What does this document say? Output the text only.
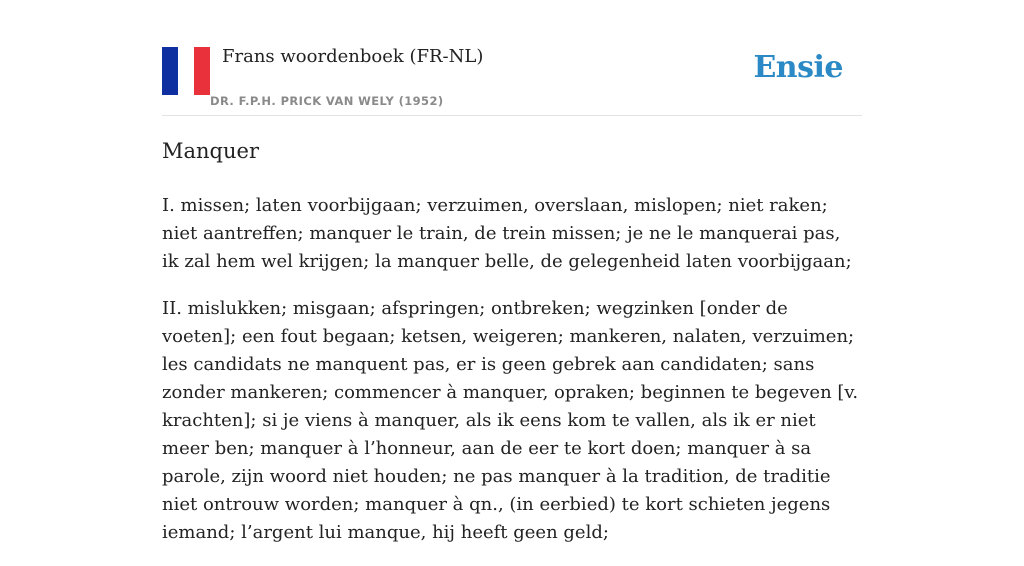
Frans woordenboek (FR-NL)
DR. F.P.H. PRICK VAN WELY (1952)
Ensie
Manquer

I. missen; laten voorbijgaan; verzuimen, overslaan, mislopen; niet raken; niet aantreffen; manquer le train, de trein missen; je ne le manquerai pas, ik zal hem wel krijgen; la manquer belle, de gelegenheid laten voorbijgaan;

II. mislukken; misgaan; afspringen; ontbreken; wegzinken [onder de voeten]; een fout begaan; ketsen, weigeren; mankeren, nalaten, verzuimen; les candidats ne manquent pas, er is geen gebrek aan candidaten; sans zonder mankeren; commencer à manquer, opraken; beginnen te begeven [v. krachten]; si je viens à manquer, als ik eens kom te vallen, als ik er niet meer ben; manquer à l’honneur, aan de eer te kort doen; manquer à sa parole, zijn woord niet houden; ne pas manquer à la tradition, de traditie niet ontrouw worden; manquer à qn., (in eerbied) te kort schieten jegens iemand; l’argent lui manque, hij heeft geen geld;
